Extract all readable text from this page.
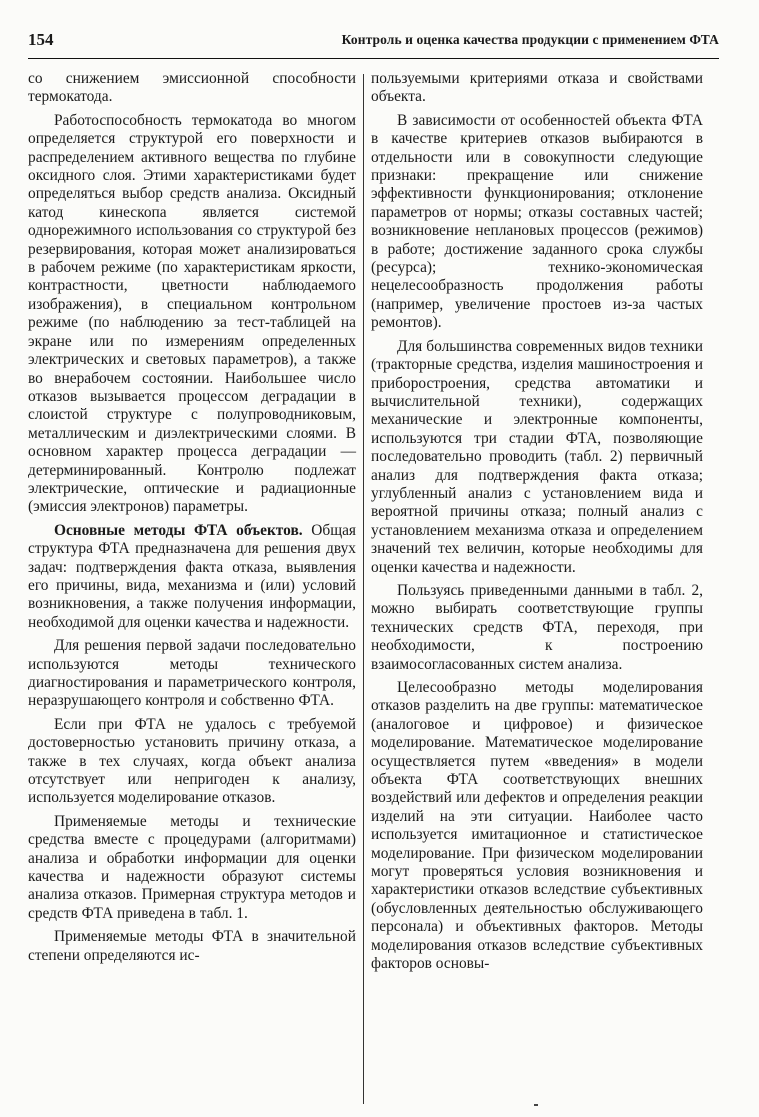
154	Контроль и оценка качества продукции с применением ФТА

со снижением эмиссионной способности термокатода.

Работоспособность термокатода во многом определяется структурой его поверхности и распределением активного вещества по глубине оксидного слоя. Этими характеристиками будет определяться выбор средств анализа. Оксидный катод кинескопа является системой однорежимного использования со структурой без резервирования, которая может анализироваться в рабочем режиме (по характеристикам яркости, контрастности, цветности наблюдаемого изображения), в специальном контрольном режиме (по наблюдению за тест-таблицей на экране или по измерениям определенных электрических и световых параметров), а также во внерабочем состоянии. Наибольшее число отказов вызывается процессом деградации в слоистой структуре с полупроводниковым, металлическим и диэлектрическими слоями. В основном характер процесса деградации — детерминированный. Контролю подлежат электрические, оптические и радиационные (эмиссия электронов) параметры.

Основные методы ФТА объектов. Общая структура ФТА предназначена для решения двух задач: подтверждения факта отказа, выявления его причины, вида, механизма и (или) условий возникновения, а также получения информации, необходимой для оценки качества и надежности.

Для решения первой задачи последовательно используются методы технического диагностирования и параметрического контроля, неразрушающего контроля и собственно ФТА.

Если при ФТА не удалось с требуемой достоверностью установить причину отказа, а также в тех случаях, когда объект анализа отсутствует или непригоден к анализу, используется моделирование отказов.

Применяемые методы и технические средства вместе с процедурами (алгоритмами) анализа и обработки информации для оценки качества и надежности образуют системы анализа отказов. Примерная структура методов и средств ФТА приведена в табл. 1.

Применяемые методы ФТА в значительной степени определяются ис-

пользуемыми критериями отказа и свойствами объекта.

В зависимости от особенностей объекта ФТА в качестве критериев отказов выбираются в отдельности или в совокупности следующие признаки: прекращение или снижение эффективности функционирования; отклонение параметров от нормы; отказы составных частей; возникновение неплановых процессов (режимов) в работе; достижение заданного срока службы (ресурса); технико-экономическая нецелесообразность продолжения работы (например, увеличение простоев из-за частых ремонтов).

Для большинства современных видов техники (тракторные средства, изделия машиностроения и приборостроения, средства автоматики и вычислительной техники), содержащих механические и электронные компоненты, используются три стадии ФТА, позволяющие последовательно проводить (табл. 2) первичный анализ для подтверждения факта отказа; углубленный анализ с установлением вида и вероятной причины отказа; полный анализ с установлением механизма отказа и определением значений тех величин, которые необходимы для оценки качества и надежности.

Пользуясь приведенными данными в табл. 2, можно выбирать соответствующие группы технических средств ФТА, переходя, при необходимости, к построению взаимосогласованных систем анализа.

Целесообразно методы моделирования отказов разделить на две группы: математическое (аналоговое и цифровое) и физическое моделирование. Математическое моделирование осуществляется путем «введения» в модели объекта ФТА соответствующих внешних воздействий или дефектов и определения реакции изделий на эти ситуации. Наиболее часто используется имитационное и статистическое моделирование. При физическом моделировании могут проверяться условия возникновения и характеристики отказов вследствие субъективных (обусловленных деятельностью обслуживающего персонала) и объективных факторов. Методы моделирования отказов вследствие субъективных факторов основы-
